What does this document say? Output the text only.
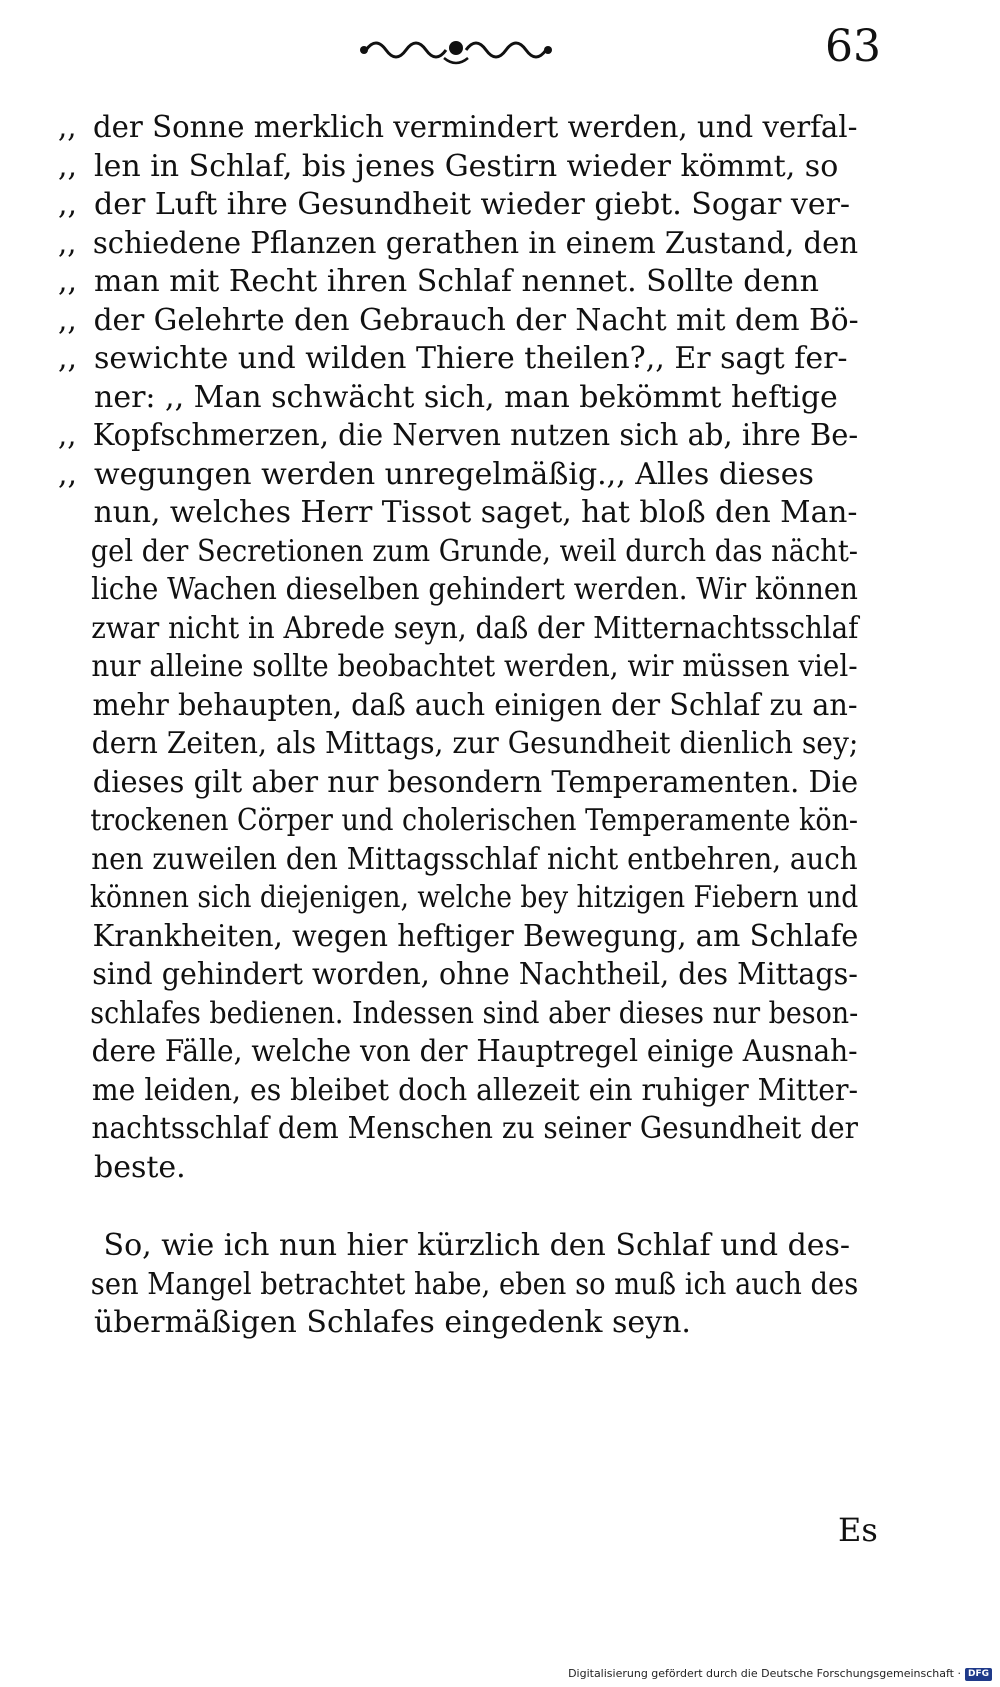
63
,, der Sonne merklich vermindert werden, und verfal-
,, len in Schlaf, bis jenes Gestirn wieder kömmt, so
,, der Luft ihre Gesundheit wieder giebt. Sogar ver-
,, schiedene Pflanzen gerathen in einem Zustand, den
,, man mit Recht ihren Schlaf nennet. Sollte denn
,, der Gelehrte den Gebrauch der Nacht mit dem Bö-
,, sewichte und wilden Thiere theilen?,, Er sagt fer-
ner: ,, Man schwächt sich, man bekömmt heftige
,, Kopfschmerzen, die Nerven nutzen sich ab, ihre Be-
,, wegungen werden unregelmäßig.,, Alles dieses
nun, welches Herr Tissot saget, hat bloß den Man-
gel der Secretionen zum Grunde, weil durch das nächt-
liche Wachen dieselben gehindert werden. Wir können
zwar nicht in Abrede seyn, daß der Mitternachtsschlaf
nur alleine sollte beobachtet werden, wir müssen viel-
mehr behaupten, daß auch einigen der Schlaf zu an-
dern Zeiten, als Mittags, zur Gesundheit dienlich sey;
dieses gilt aber nur besondern Temperamenten. Die
trockenen Cörper und cholerischen Temperamente kön-
nen zuweilen den Mittagsschlaf nicht entbehren, auch
können sich diejenigen, welche bey hitzigen Fiebern und
Krankheiten, wegen heftiger Bewegung, am Schlafe
sind gehindert worden, ohne Nachtheil, des Mittags-
schlafes bedienen. Indessen sind aber dieses nur beson-
dere Fälle, welche von der Hauptregel einige Ausnah-
me leiden, es bleibet doch allezeit ein ruhiger Mitter-
nachtsschlaf dem Menschen zu seiner Gesundheit der
beste.
So, wie ich nun hier kürzlich den Schlaf und des-
sen Mangel betrachtet habe, eben so muß ich auch des
übermäßigen Schlafes eingedenk seyn.
Es
Digitalisierung gefördert durch die Deutsche Forschungsgemeinschaft · DFG
